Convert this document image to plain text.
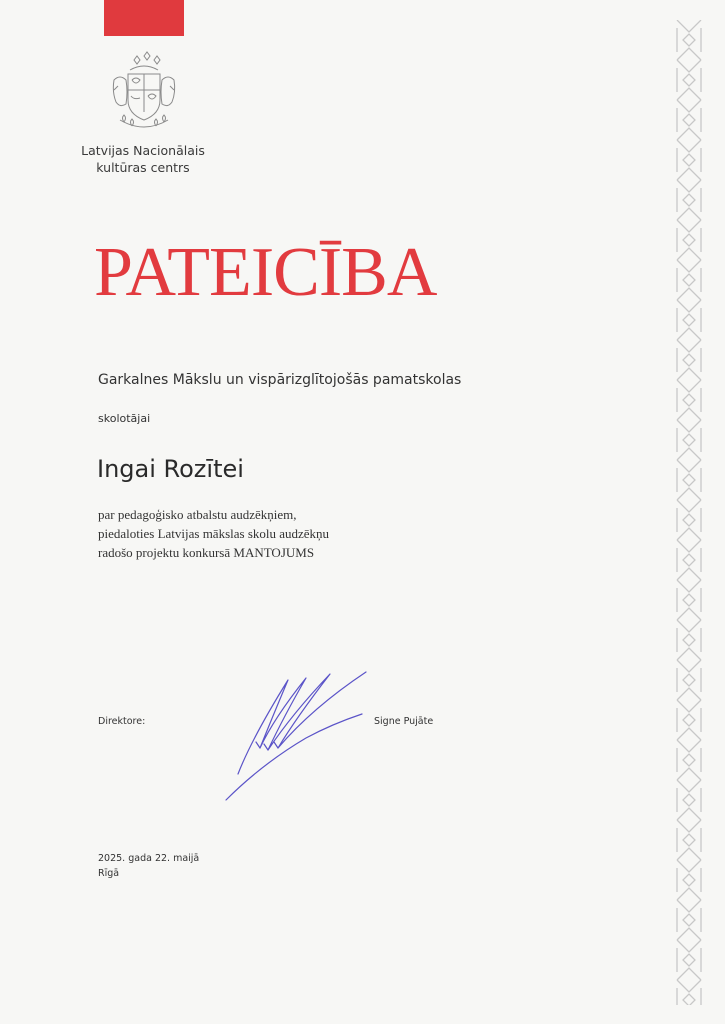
Latvijas Nacionālais
kultūras centrs
PATEICĪBA
Garkalnes Mākslu un vispārizglītojošās pamatskolas
skolotājai
Ingai Rozītei
par pedagoģisko atbalstu audzēkņiem,
piedaloties Latvijas mākslas skolu audzēkņu
radošo projektu konkursā MANTOJUMS
Direktore:	Signe Pujāte
2025. gada 22. maijā
Rīgā
